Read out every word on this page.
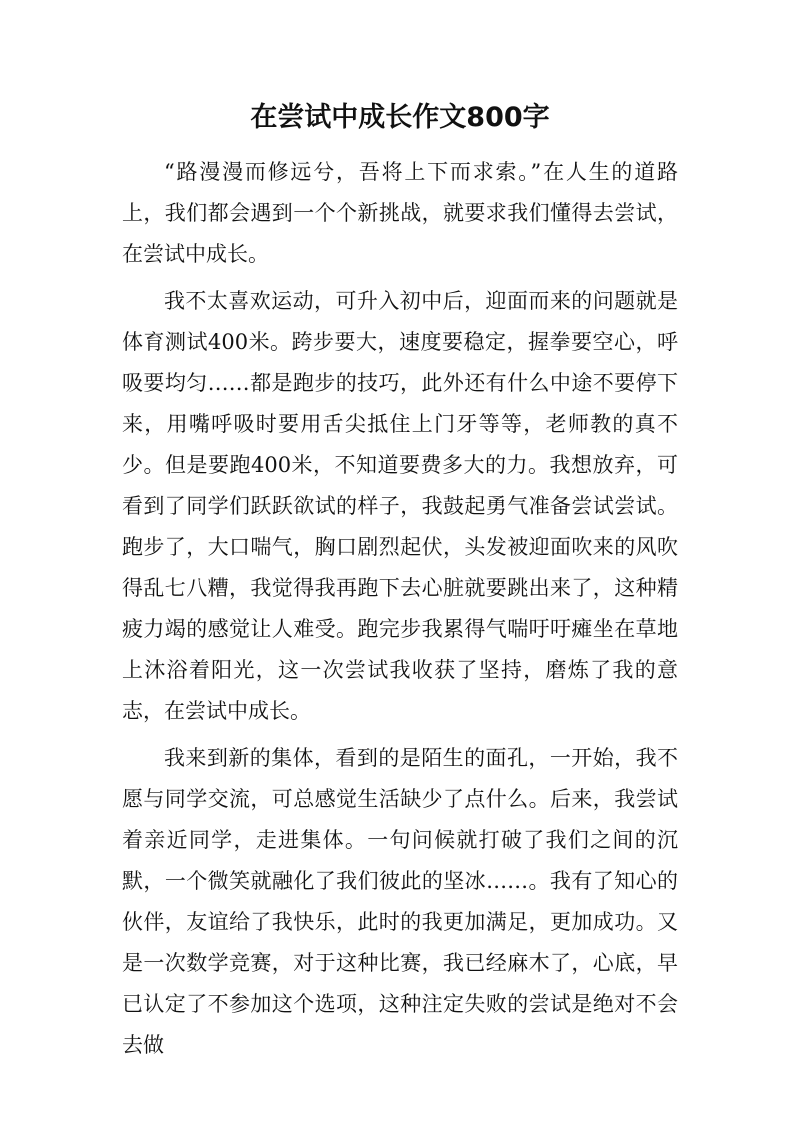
在尝试中成长作文800字

“路漫漫而修远兮，吾将上下而求索。”在人生的道路上，我们都会遇到一个个新挑战，就要求我们懂得去尝试，在尝试中成长。

我不太喜欢运动，可升入初中后，迎面而来的问题就是体育测试400米。跨步要大，速度要稳定，握拳要空心，呼吸要均匀……都是跑步的技巧，此外还有什么中途不要停下来，用嘴呼吸时要用舌尖抵住上门牙等等，老师教的真不少。但是要跑400米，不知道要费多大的力。我想放弃，可看到了同学们跃跃欲试的样子，我鼓起勇气准备尝试尝试。跑步了，大口喘气，胸口剧烈起伏，头发被迎面吹来的风吹得乱七八糟，我觉得我再跑下去心脏就要跳出来了，这种精疲力竭的感觉让人难受。跑完步我累得气喘吁吁瘫坐在草地上沐浴着阳光，这一次尝试我收获了坚持，磨炼了我的意志，在尝试中成长。

我来到新的集体，看到的是陌生的面孔，一开始，我不愿与同学交流，可总感觉生活缺少了点什么。后来，我尝试着亲近同学，走进集体。一句问候就打破了我们之间的沉默，一个微笑就融化了我们彼此的坚冰……。我有了知心的伙伴，友谊给了我快乐，此时的我更加满足，更加成功。又是一次数学竞赛，对于这种比赛，我已经麻木了，心底，早已认定了不参加这个选项，这种注定失败的尝试是绝对不会去做
